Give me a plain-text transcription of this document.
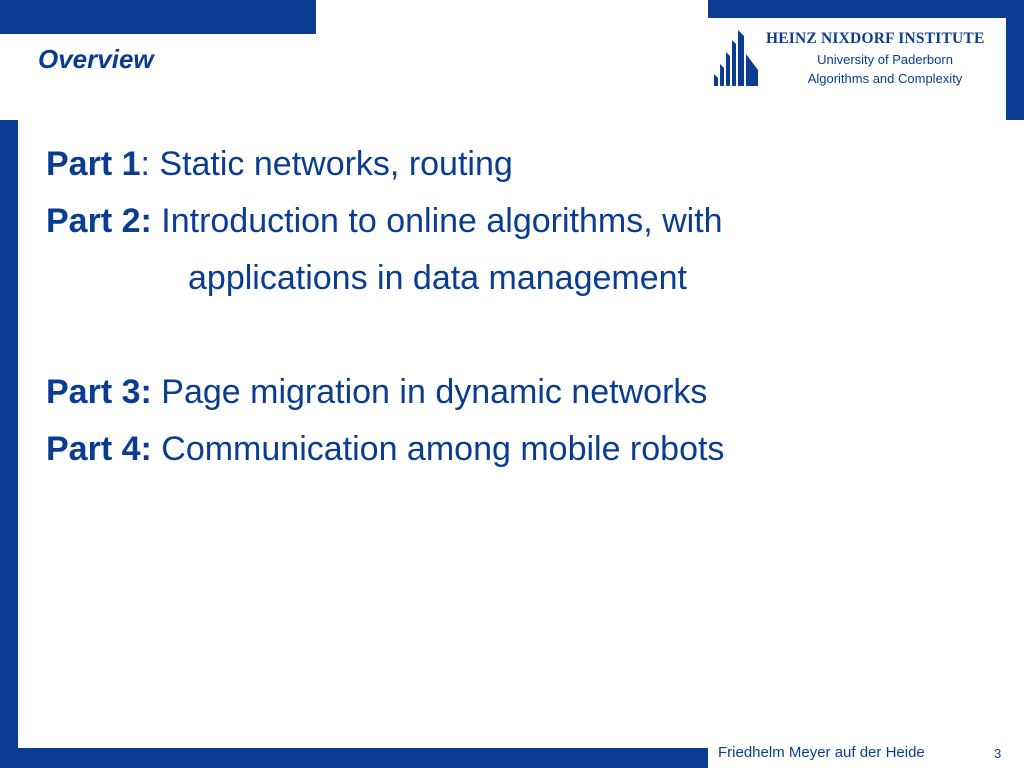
Overview
HEINZ NIXDORF INSTITUTE
University of Paderborn
Algorithms and Complexity
Part 1: Static networks, routing
Part 2: Introduction to online algorithms, with
applications in data management
Part 3: Page migration in dynamic networks
Part 4: Communication among mobile robots
Friedhelm Meyer auf der Heide	3
